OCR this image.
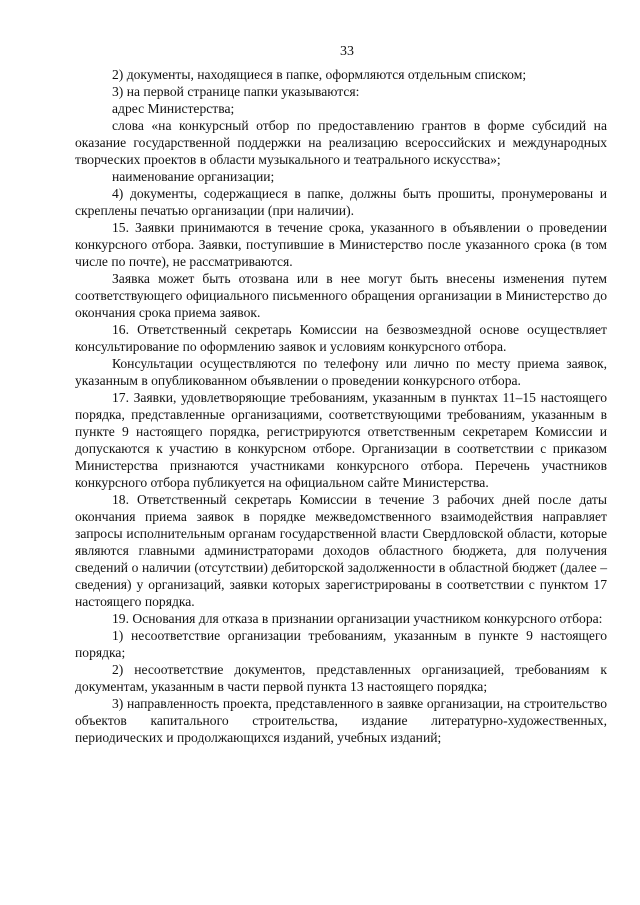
33

2) документы, находящиеся в папке, оформляются отдельным списком;

3) на первой странице папки указываются:

адрес Министерства;

слова «на конкурсный отбор по предоставлению грантов в форме субсидий на оказание государственной поддержки на реализацию всероссийских и международных творческих проектов в области музыкального и театрального искусства»;

наименование организации;

4) документы, содержащиеся в папке, должны быть прошиты, пронумерованы и скреплены печатью организации (при наличии).

15. Заявки принимаются в течение срока, указанного в объявлении о проведении конкурсного отбора. Заявки, поступившие в Министерство после указанного срока (в том числе по почте), не рассматриваются.

Заявка может быть отозвана или в нее могут быть внесены изменения путем соответствующего официального письменного обращения организации в Министерство до окончания срока приема заявок.

16. Ответственный секретарь Комиссии на безвозмездной основе осуществляет консультирование по оформлению заявок и условиям конкурсного отбора.

Консультации осуществляются по телефону или лично по месту приема заявок, указанным в опубликованном объявлении о проведении конкурсного отбора.

17. Заявки, удовлетворяющие требованиям, указанным в пунктах 11–15 настоящего порядка, представленные организациями, соответствующими требованиям, указанным в пункте 9 настоящего порядка, регистрируются ответственным секретарем Комиссии и допускаются к участию в конкурсном отборе. Организации в соответствии с приказом Министерства признаются участниками конкурсного отбора. Перечень участников конкурсного отбора публикуется на официальном сайте Министерства.

18. Ответственный секретарь Комиссии в течение 3 рабочих дней после даты окончания приема заявок в порядке межведомственного взаимодействия направляет запросы исполнительным органам государственной власти Свердловской области, которые являются главными администраторами доходов областного бюджета, для получения сведений о наличии (отсутствии) дебиторской задолженности в областной бюджет (далее – сведения) у организаций, заявки которых зарегистрированы в соответствии с пунктом 17 настоящего порядка.

19. Основания для отказа в признании организации участником конкурсного отбора:

1) несоответствие организации требованиям, указанным в пункте 9 настоящего порядка;

2) несоответствие документов, представленных организацией, требованиям к документам, указанным в части первой пункта 13 настоящего порядка;

3) направленность проекта, представленного в заявке организации, на строительство объектов капитального строительства, издание литературно-художественных, периодических и продолжающихся изданий, учебных изданий;
